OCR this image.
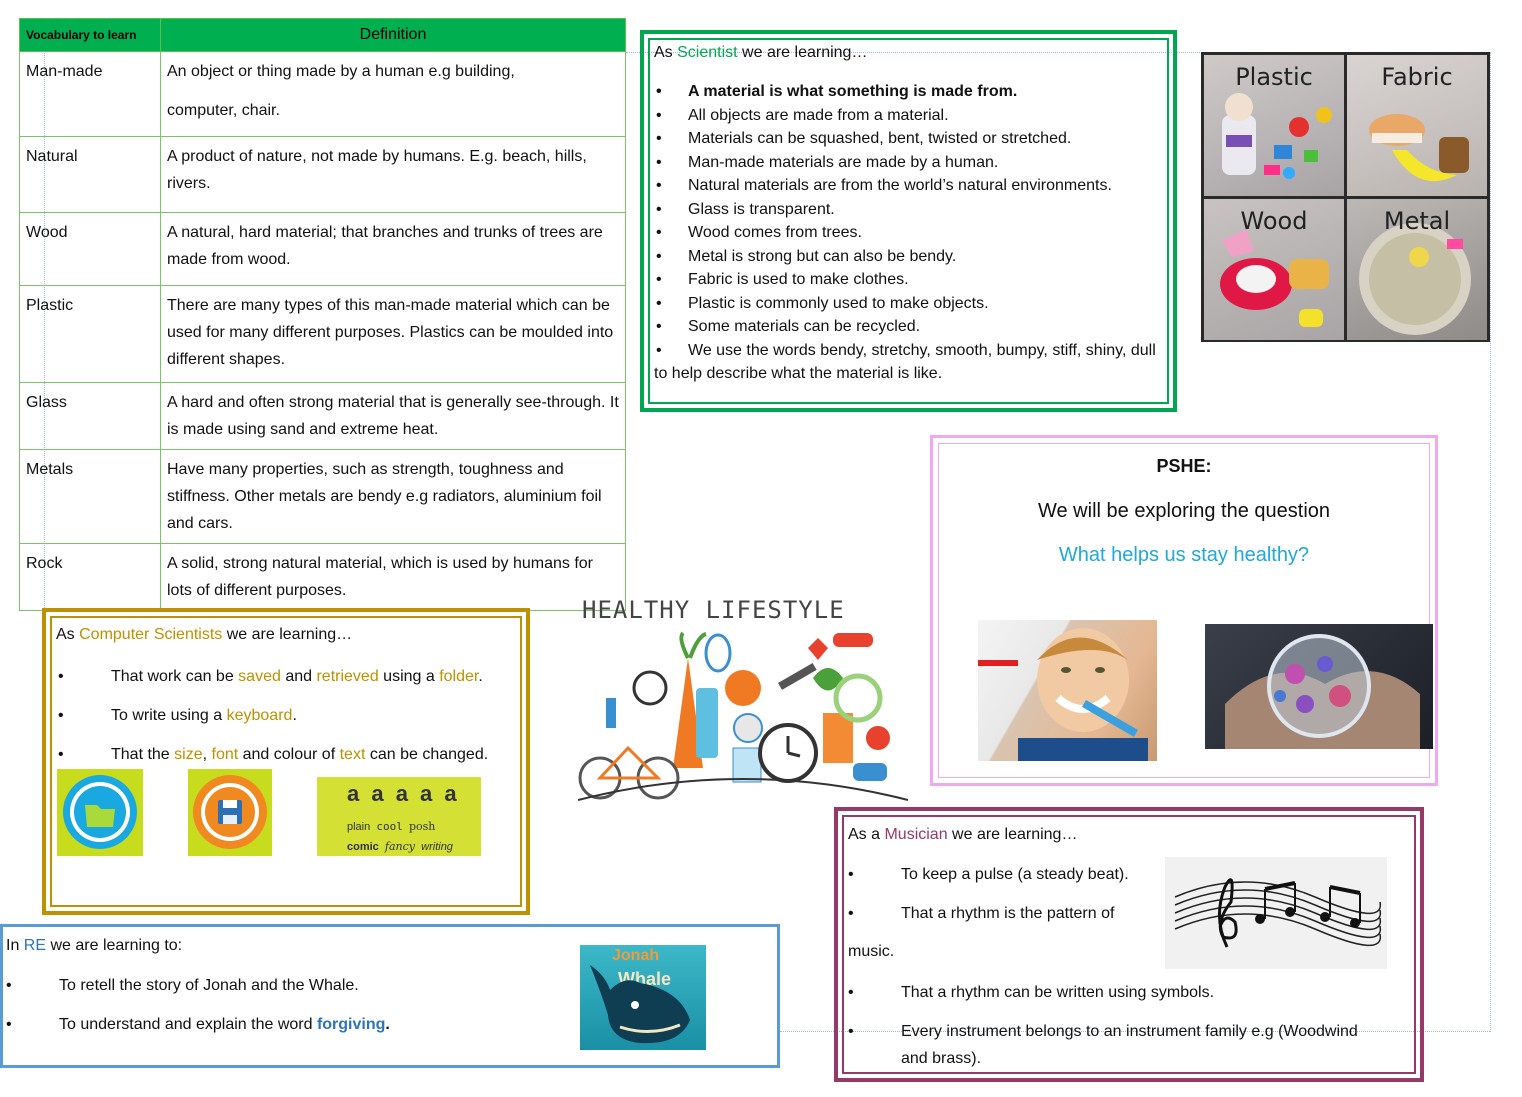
Vocabulary to learn	Definition
Man-made	An object or thing made by a human e.g building,
computer, chair.

Natural	A product of nature, not made by humans. E.g. beach, hills, rivers.
Wood	A natural, hard material; that branches and trunks of trees are made from wood.
Plastic	There are many types of this man-made material which can be used for many different purposes. Plastics can be moulded into different shapes.
Glass	A hard and often strong material that is generally see-through. It is made using sand and extreme heat.
Metals	Have many properties, such as strength, toughness and stiffness. Other metals are bendy e.g radiators, aluminium foil and cars.
Rock	A solid, strong natural material, which is used by humans for lots of different purposes.
As Scientist we are learning…
• A material is what something is made from.
• All objects are made from a material.
• Materials can be squashed, bent, twisted or stretched.
• Man-made materials are made by a human.
• Natural materials are from the world’s natural environments.
• Glass is transparent.
• Wood comes from trees.
• Metal is strong but can also be bendy.
• Fabric is used to make clothes.
• Plastic is commonly used to make objects.
• Some materials can be recycled.
• We use the words bendy, stretchy, smooth, bumpy, stiff, shiny, dull to help describe what the material is like.
Plastic	Fabric
Wood	Metal
PSHE:
We will be exploring the question
What helps us stay healthy?
HEALTHY LIFESTYLE
As Computer Scientists we are learning…
•	That work can be saved and retrieved using a folder.
•	To write using a keyboard.
•	That the size, font and colour of text can be changed.
a a a a a
plain cool posh
comic fancy writing
As a Musician we are learning…
•	To keep a pulse (a steady beat).
•	That a rhythm is the pattern of
music.
•	That a rhythm can be written using symbols.
•	Every instrument belongs to an instrument family e.g (Woodwind
and brass).
In RE we are learning to:
•	To retell the story of Jonah and the Whale.
•	To understand and explain the word forgiving.
Jonah
Whale
